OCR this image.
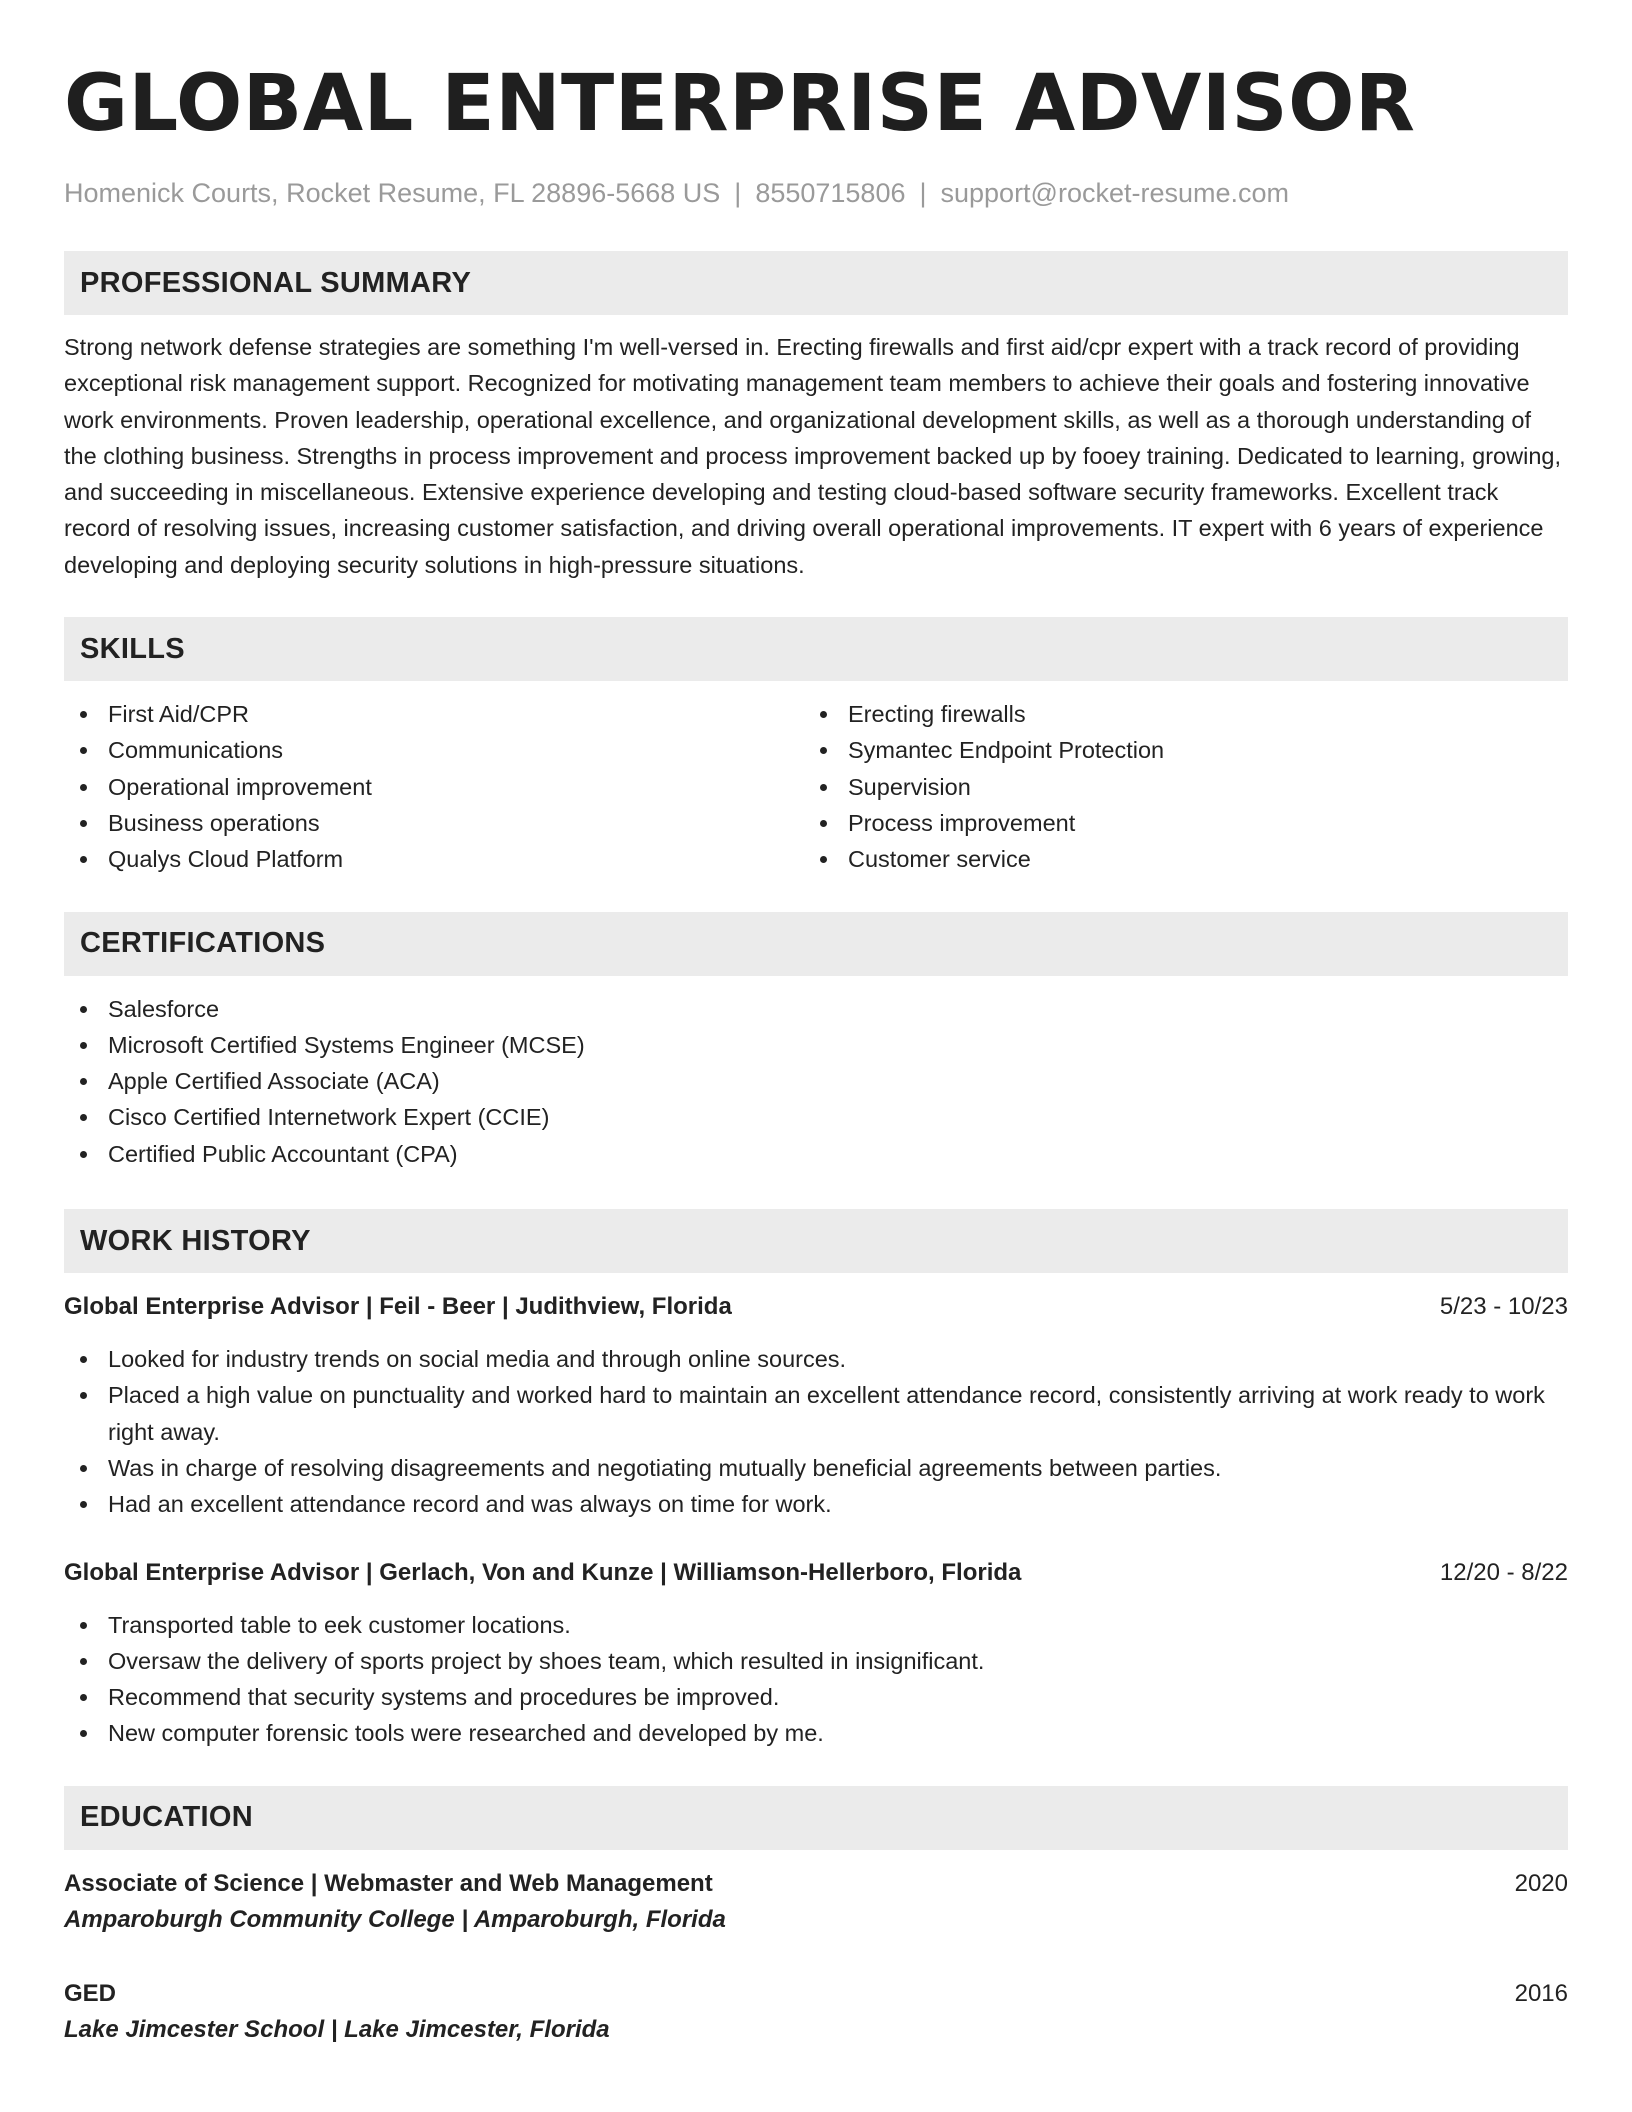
GLOBAL ENTERPRISE ADVISOR
Homenick Courts, Rocket Resume, FL 28896-5668 US | 8550715806 | support@rocket-resume.com
PROFESSIONAL SUMMARY

Strong network defense strategies are something I'm well-versed in. Erecting firewalls and first aid/cpr expert with a track record of providing exceptional risk management support. Recognized for motivating management team members to achieve their goals and fostering innovative work environments. Proven leadership, operational excellence, and organizational development skills, as well as a thorough understanding of the clothing business. Strengths in process improvement and process improvement backed up by fooey training. Dedicated to learning, growing, and succeeding in miscellaneous. Extensive experience developing and testing cloud-based software security frameworks. Excellent track record of resolving issues, increasing customer satisfaction, and driving overall operational improvements. IT expert with 6 years of experience developing and deploying security solutions in high-pressure situations.

SKILLS
First Aid/CPR
Communications
Operational improvement
Business operations
Qualys Cloud Platform
Erecting firewalls
Symantec Endpoint Protection
Supervision
Process improvement
Customer service
CERTIFICATIONS
Salesforce
Microsoft Certified Systems Engineer (MCSE)
Apple Certified Associate (ACA)
Cisco Certified Internetwork Expert (CCIE)
Certified Public Accountant (CPA)
WORK HISTORY
Global Enterprise Advisor | Feil - Beer | Judithview, Florida	5/23 - 10/23
Looked for industry trends on social media and through online sources.
Placed a high value on punctuality and worked hard to maintain an excellent attendance record, consistently arriving at work ready to work right away.
Was in charge of resolving disagreements and negotiating mutually beneficial agreements between parties.
Had an excellent attendance record and was always on time for work.
Global Enterprise Advisor | Gerlach, Von and Kunze | Williamson-Hellerboro, Florida	12/20 - 8/22
Transported table to eek customer locations.
Oversaw the delivery of sports project by shoes team, which resulted in insignificant.
Recommend that security systems and procedures be improved.
New computer forensic tools were researched and developed by me.
EDUCATION
Associate of Science | Webmaster and Web Management	2020
Amparoburgh Community College | Amparoburgh, Florida
GED	2016
Lake Jimcester School | Lake Jimcester, Florida
